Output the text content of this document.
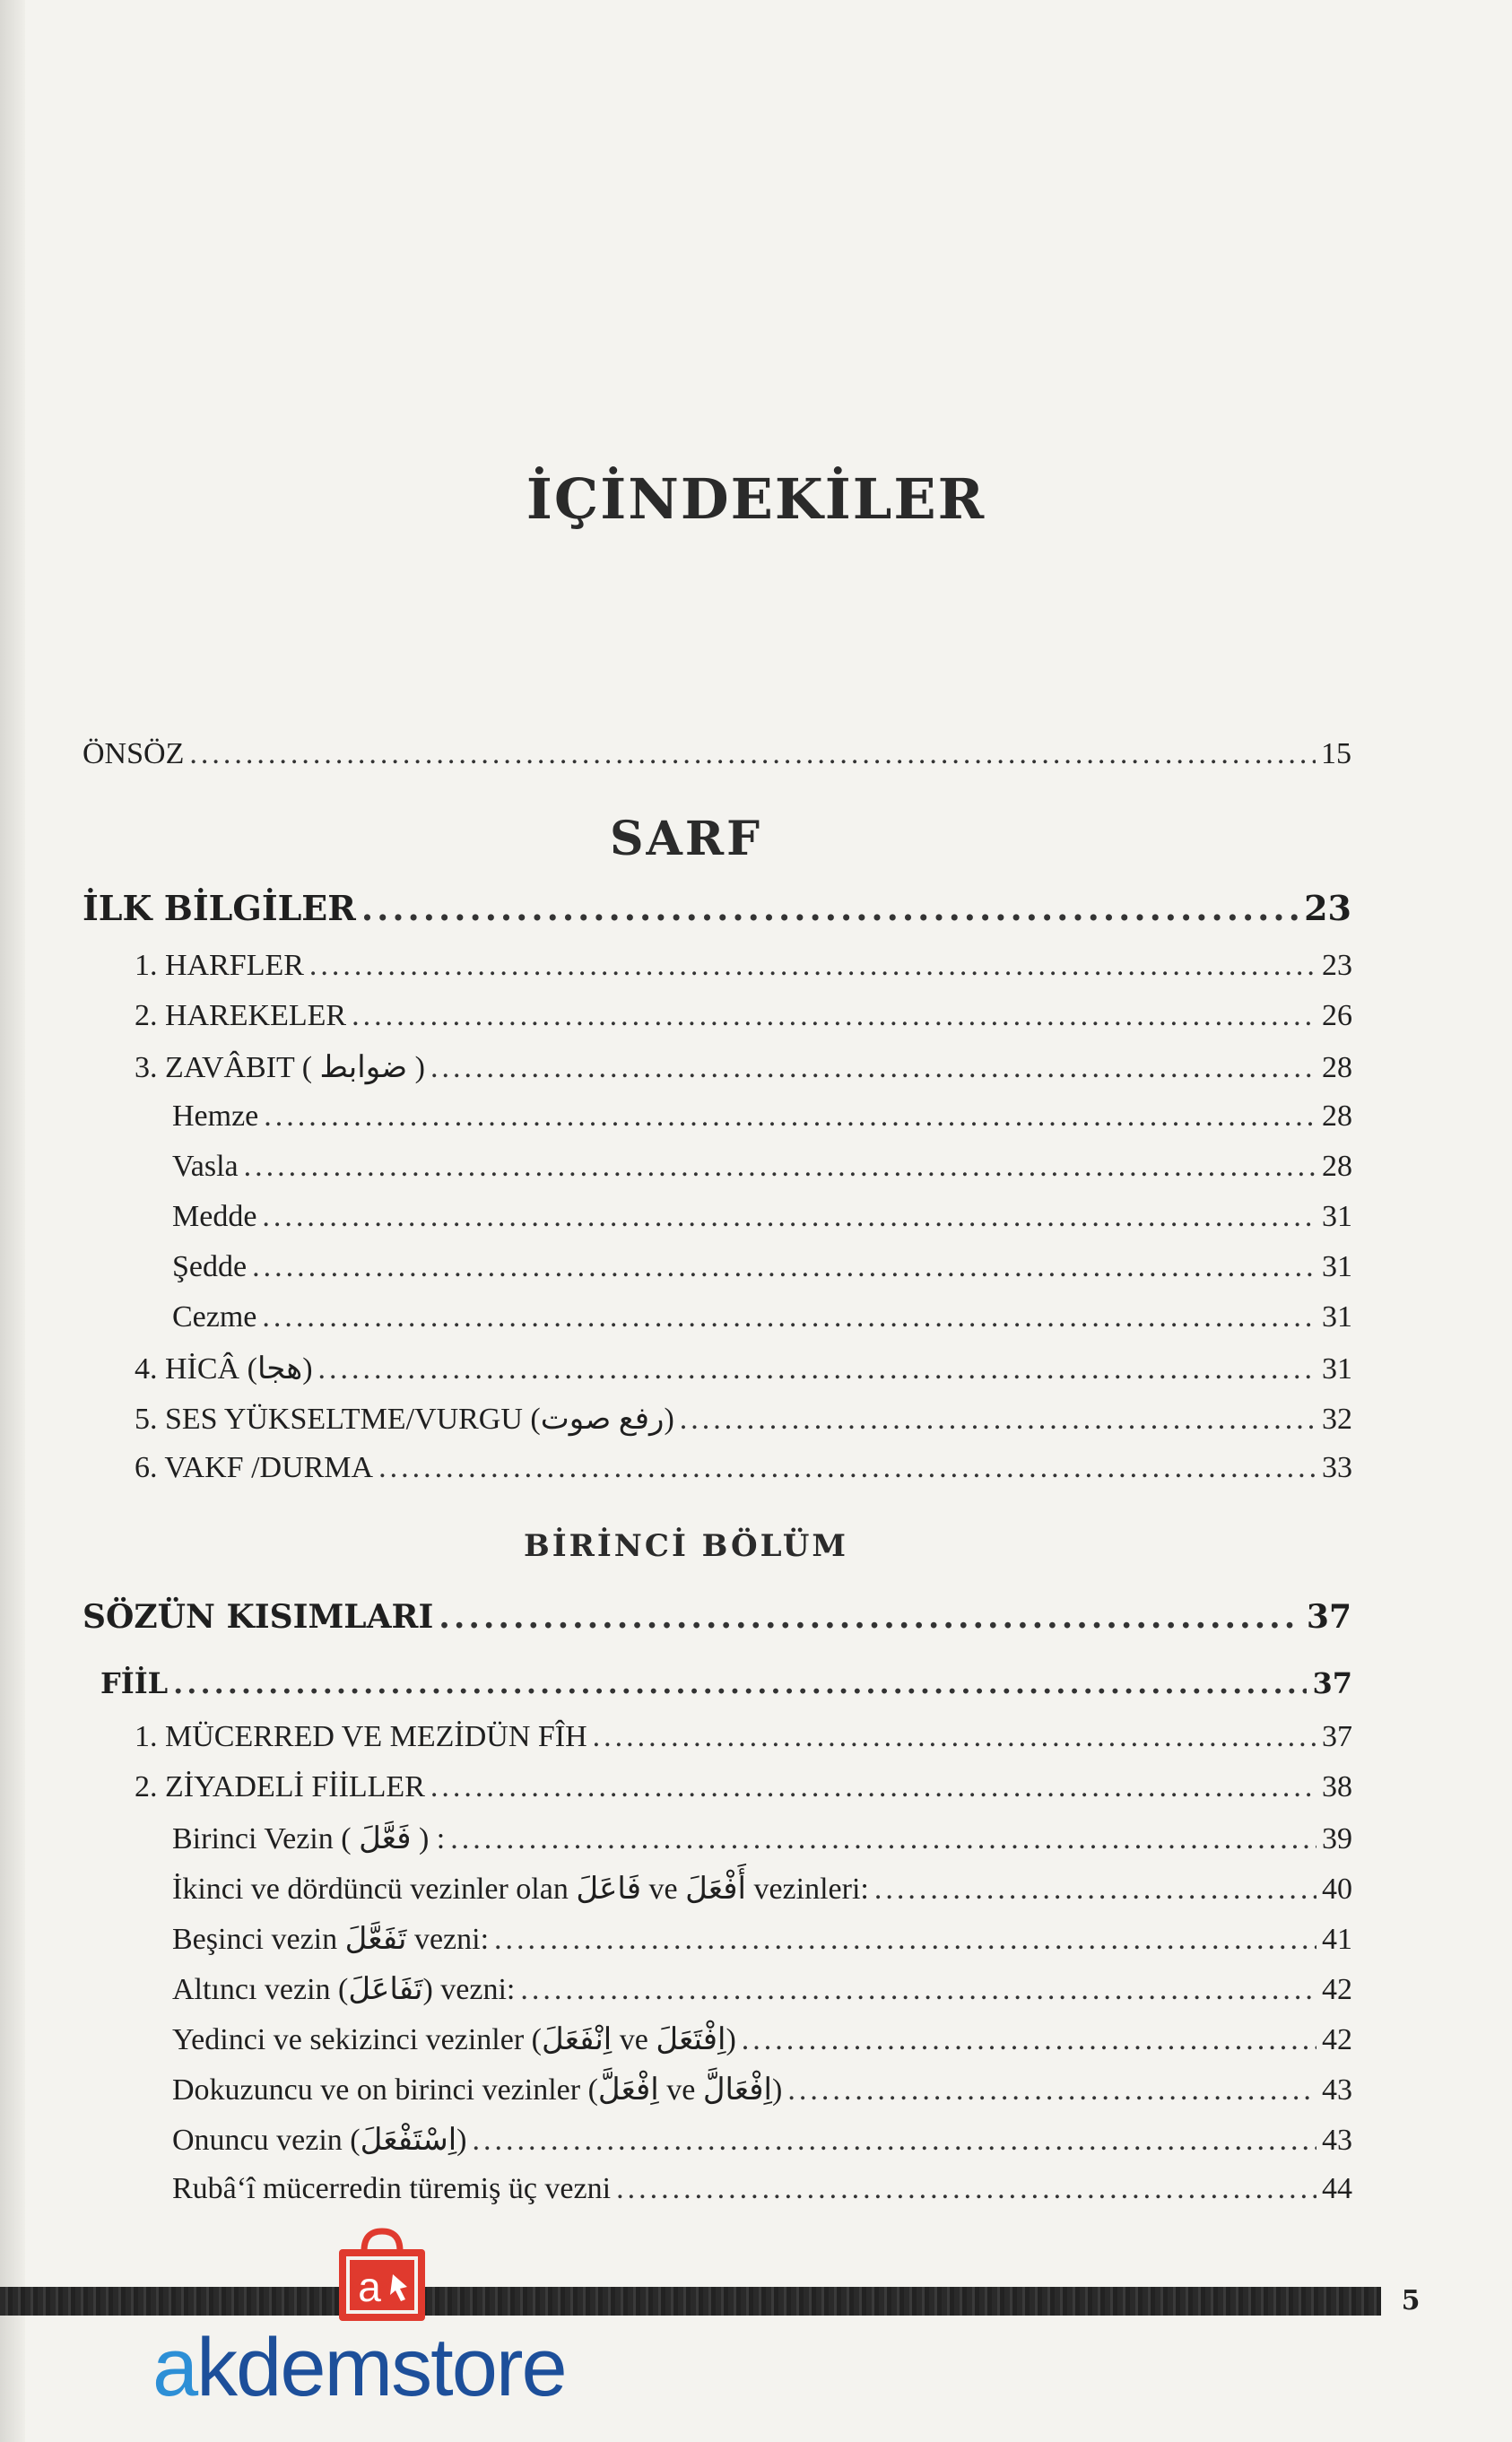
İÇİNDEKİLER
ÖNSÖZ .....	15
SARF
İLK BİLGİLER .....	23
1. HARFLER .....	23
2. HAREKELER .....	26
3. ZAVÂBIT ( ضوابط ) .....	28
Hemze .....	28
Vasla .....	28
Medde .....	31
Şedde .....	31
Cezme .....	31
4. HİCÂ (هجا) .....	31
5. SES YÜKSELTME/VURGU (رفع صوت) .....	32
6. VAKF /DURMA .....	33
BİRİNCİ BÖLÜM
SÖZÜN KISIMLARI .....	37
FİİL .....	37
1. MÜCERRED VE MEZİDÜN FÎH .....	37
2. ZİYADELİ FİİLLER .....	38
Birinci Vezin ( فَعَّلَ ) : .....	39
İkinci ve dördüncü vezinler olan فَاعَلَ ve أَفْعَلَ vezinleri: .....	40
Beşinci vezin تَفَعَّلَ vezni: .....	41
Altıncı vezin (تَفَاعَلَ) vezni: .....	42
Yedinci ve sekizinci vezinler (اِنْفَعَلَ ve اِفْتَعَلَ) .....	42
Dokuzuncu ve on birinci vezinler (اِفْعَلَّ ve اِفْعَالَّ) .....	43
Onuncu vezin (اِسْتَفْعَلَ) .....	43
Rubâ‘î mücerredin türemiş üç vezni .....	44
5
a
akdemstore
